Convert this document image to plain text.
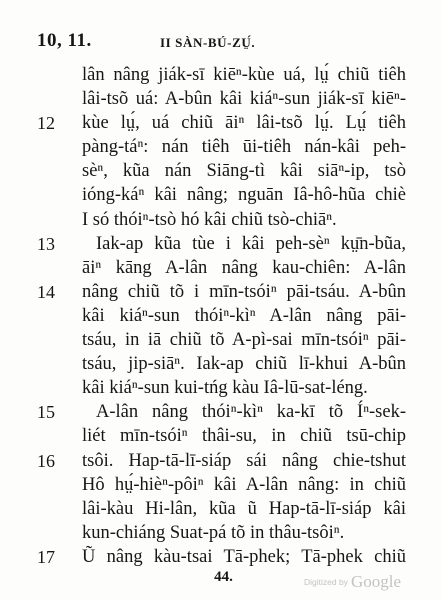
10, 11.	II SÀN-BÚ-ZṲ́.
lân nâng jiák-sī kiēⁿ-kùe uá, lṳ́ chiũ tiêh
lâi-tsõ uá: A-bûn kâi kiáⁿ-sun jiák-sī kiēⁿ-
12	kùe lṳ́, uá chiũ āiⁿ lâi-tsõ lṳ́. Lṳ́ tiêh
pàng-táⁿ: nán tiêh ūi-tiêh nán-kâi peh-
sèⁿ, kũa nán Siāng-tì kâi siāⁿ-ip, tsò
ióng-káⁿ kâi nâng; nguān Iâ-hô-hũa chiè
I só thóiⁿ-tsò hó kâi chiũ tsò-chiāⁿ.
13	Iak-ap kũa tùe i kâi peh-sèⁿ kṳ̄n-bũa,
āiⁿ kāng A-lân nâng kau-chiên: A-lân
14	nâng chiũ tõ i mīn-tsóiⁿ pāi-tsáu. A-bûn
kâi kiáⁿ-sun thóiⁿ-kìⁿ A-lân nâng pāi-
tsáu, in iā chiũ tõ A-pì-sai mīn-tsóiⁿ pāi-
tsáu, jip-siāⁿ. Iak-ap chiũ lī-khui A-bûn
kâi kiáⁿ-sun kui-tńg kàu Iâ-lū-sat-léng.
15	A-lân nâng thóiⁿ-kìⁿ ka-kī tõ Íⁿ-sek-
liét mīn-tsóiⁿ thâi-su, in chiũ tsū-chip
16	tsôi. Hap-tā-lī-siáp sái nâng chie-tshut
Hô hṳ́-hièⁿ-pôiⁿ kâi A-lân nâng: in chiũ
lâi-kàu Hi-lân, kũa ũ Hap-tā-lī-siáp kâi
kun-chiáng Suat-pá tõ in thâu-tsôiⁿ.
17	Ũ nâng kàu-tsai Tā-phek; Tā-phek chiũ
44.	Digitized by Google
